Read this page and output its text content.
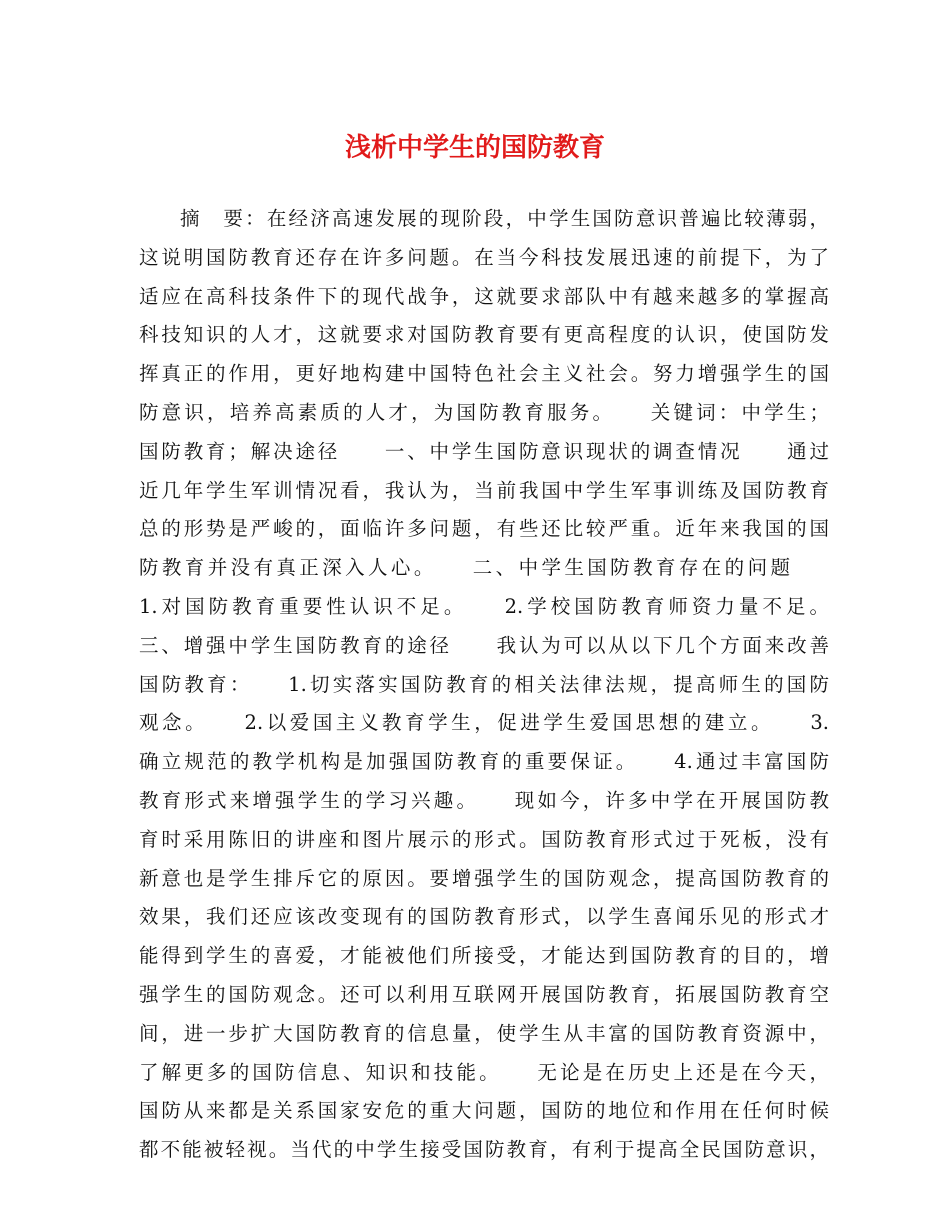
浅析中学生的国防教育
摘　要：在经济高速发展的现阶段，中学生国防意识普遍比较薄弱，
这说明国防教育还存在许多问题。在当今科技发展迅速的前提下，为了
适应在高科技条件下的现代战争，这就要求部队中有越来越多的掌握高
科技知识的人才，这就要求对国防教育要有更高程度的认识，使国防发
挥真正的作用，更好地构建中国特色社会主义社会。努力增强学生的国
防意识，培养高素质的人才，为国防教育服务。　　关键词：中学生；
国防教育；解决途径　　一、中学生国防意识现状的调查情况　　通过
近几年学生军训情况看，我认为，当前我国中学生军事训练及国防教育
总的形势是严峻的，面临许多问题，有些还比较严重。近年来我国的国
防教育并没有真正深入人心。　　二、中学生国防教育存在的问题　　
1.对国防教育重要性认识不足。　　2.学校国防教育师资力量不足。
三、增强中学生国防教育的途径　　我认为可以从以下几个方面来改善
国防教育：　　1.切实落实国防教育的相关法律法规，提高师生的国防
观念。　　2.以爱国主义教育学生，促进学生爱国思想的建立。　　3.
确立规范的教学机构是加强国防教育的重要保证。　　4.通过丰富国防
教育形式来增强学生的学习兴趣。　　现如今，许多中学在开展国防教
育时采用陈旧的讲座和图片展示的形式。国防教育形式过于死板，没有
新意也是学生排斥它的原因。要增强学生的国防观念，提高国防教育的
效果，我们还应该改变现有的国防教育形式，以学生喜闻乐见的形式才
能得到学生的喜爱，才能被他们所接受，才能达到国防教育的目的，增
强学生的国防观念。还可以利用互联网开展国防教育，拓展国防教育空
间，进一步扩大国防教育的信息量，使学生从丰富的国防教育资源中，
了解更多的国防信息、知识和技能。　　无论是在历史上还是在今天，
国防从来都是关系国家安危的重大问题，国防的地位和作用在任何时候
都不能被轻视。当代的中学生接受国防教育，有利于提高全民国防意识，
